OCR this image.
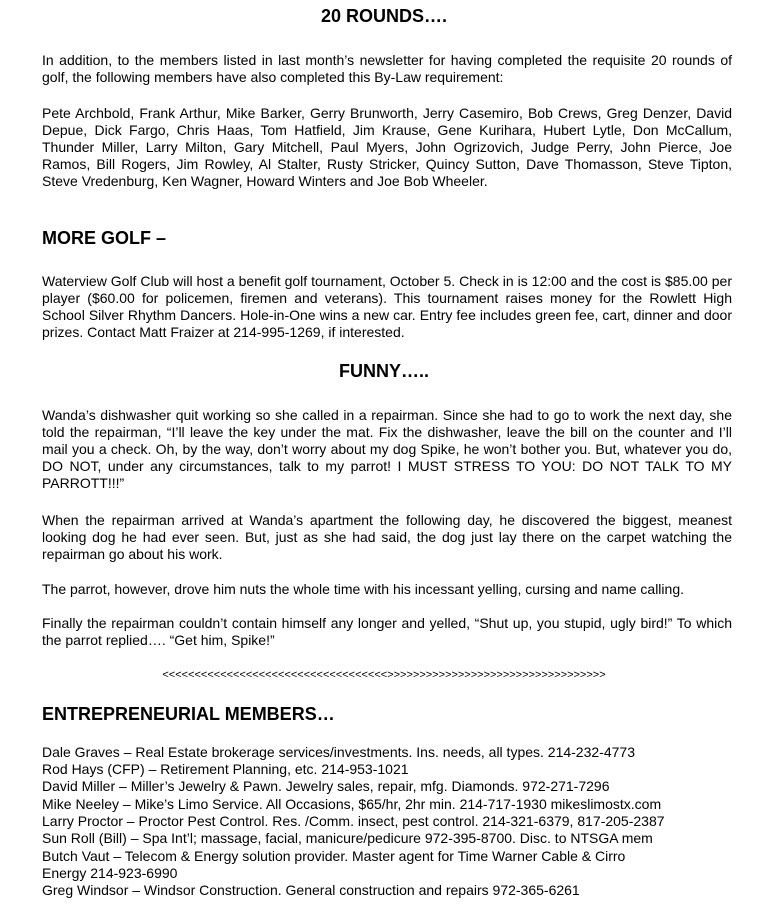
20 ROUNDS….
In addition, to the members listed in last month’s newsletter for having completed the requisite 20 rounds of golf, the following members have also completed this By-Law requirement:
Pete Archbold, Frank Arthur, Mike Barker, Gerry Brunworth, Jerry Casemiro, Bob Crews, Greg Denzer, David Depue, Dick Fargo, Chris Haas, Tom Hatfield, Jim Krause, Gene Kurihara, Hubert Lytle, Don McCallum, Thunder Miller, Larry Milton, Gary Mitchell, Paul Myers, John Ogrizovich, Judge Perry, John Pierce, Joe Ramos, Bill Rogers, Jim Rowley, Al Stalter, Rusty Stricker, Quincy Sutton, Dave Thomasson, Steve Tipton, Steve Vredenburg, Ken Wagner, Howard Winters and Joe Bob Wheeler.
MORE GOLF –
Waterview Golf Club will host a benefit golf tournament, October 5. Check in is 12:00 and the cost is $85.00 per player ($60.00 for policemen, firemen and veterans). This tournament raises money for the Rowlett High School Silver Rhythm Dancers. Hole-in-One wins a new car. Entry fee includes green fee, cart, dinner and door prizes. Contact Matt Fraizer at 214-995-1269, if interested.
FUNNY…..
Wanda’s dishwasher quit working so she called in a repairman. Since she had to go to work the next day, she told the repairman, “I’ll leave the key under the mat. Fix the dishwasher, leave the bill on the counter and I’ll mail you a check. Oh, by the way, don’t worry about my dog Spike, he won’t bother you. But, whatever you do, DO NOT, under any circumstances, talk to my parrot! I MUST STRESS TO YOU: DO NOT TALK TO MY PARROTT!!!”
When the repairman arrived at Wanda’s apartment the following day, he discovered the biggest, meanest looking dog he had ever seen. But, just as she had said, the dog just lay there on the carpet watching the repairman go about his work.
The parrot, however, drove him nuts the whole time with his incessant yelling, cursing and name calling.
Finally the repairman couldn’t contain himself any longer and yelled, “Shut up, you stupid, ugly bird!” To which the parrot replied…. “Get him, Spike!”
<<<<<<<<<<<<<<<<<<<<<<<<<<<<<<<<<<<>>>>>>>>>>>>>>>>>>>>>>>>>>>>>>>>>>
ENTREPRENEURIAL MEMBERS…
Dale Graves – Real Estate brokerage services/investments. Ins. needs, all types. 214-232-4773
Rod Hays (CFP) – Retirement Planning, etc. 214-953-1021
David Miller – Miller’s Jewelry & Pawn. Jewelry sales, repair, mfg. Diamonds. 972-271-7296
Mike Neeley – Mike’s Limo Service. All Occasions, $65/hr, 2hr min. 214-717-1930 mikeslimostx.com
Larry Proctor – Proctor Pest Control. Res. /Comm. insect, pest control. 214-321-6379, 817-205-2387
Sun Roll (Bill) – Spa Int’l; massage, facial, manicure/pedicure 972-395-8700. Disc. to NTSGA mem
Butch Vaut – Telecom & Energy solution provider. Master agent for Time Warner Cable & Cirro
Energy 214-923-6990
Greg Windsor – Windsor Construction. General construction and repairs 972-365-6261
